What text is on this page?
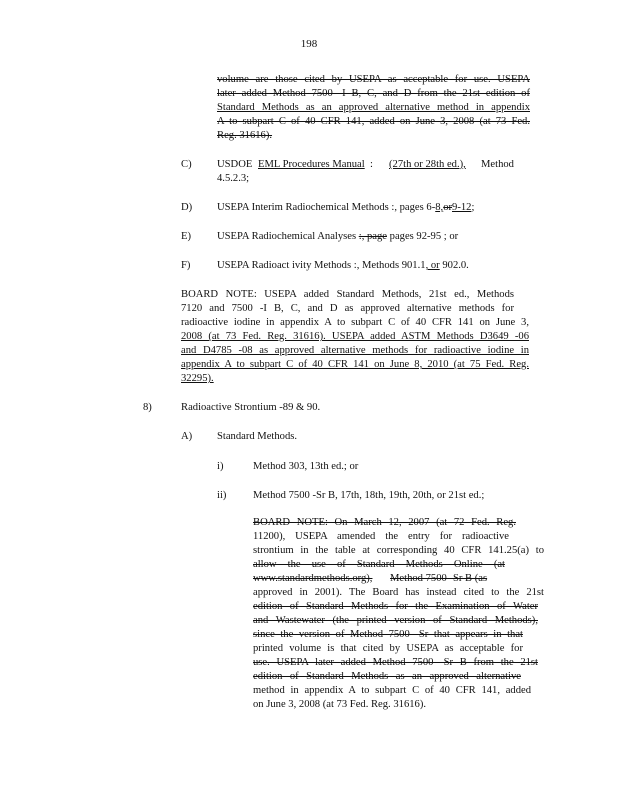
198
volume are those cited by USEPA as acceptable for use. USEPA
later added Method 7500 -I B, C, and D from the 21st edition of
Standard Methods as an approved alternative method in appendix
A to subpart C of 40 CFR 141, added on June 3, 2008 (at 73 Fed.
Reg. 31616).
C) USDOE EML Procedures Manual : (27th or 28th ed.), Method
4.5.2.3;
D) USEPA Interim Radiochemical Methods :, pages 6-8,or9-12;
E) USEPA Radiochemical Analyses :, page pages 92-95 ; or
F)	USEPA Radioact ivity Methods :, Methods 901.1, or 902.0.
BOARD NOTE: USEPA added Standard Methods, 21st ed., Methods
7120 and 7500 -I B, C, and D as approved alternative methods for
radioactive iodine in appendix A to subpart C of 40 CFR 141 on June 3,
2008 (at 73 Fed. Reg. 31616). USEPA added ASTM Methods D3649 -06
and D4785 -08 as approved alternative methods for radioactive iodine in
appendix A to subpart C of 40 CFR 141 on June 8, 2010 (at 75 Fed. Reg.
32295).
8)	Radioactive Strontium -89 & 90.
A) Standard Methods.
i)	Method 303, 13th ed.; or
ii)	Method 7500 -Sr B, 17th, 18th, 19th, 20th, or 21st ed.;
BOARD NOTE: On March 12, 2007 (at 72 Fed. Reg.
11200), USEPA amended the entry for radioactive
strontium in the table at corresponding 40 CFR 141.25(a) to
allow the use of Standard Methods Online (at
www.standardmethods.org), Method 7500 -Sr B (as
approved in 2001). The Board has instead cited to the 21st
edition of Standard Methods for the Examination of Water
and Wastewater (the printed version of Standard Methods),
since the version of Method 7500 -Sr that appears in that
printed volume is that cited by USEPA as acceptable for
use. USEPA later added Method 7500 -Sr B from the 21st
edition of Standard Methods as an approved alternative
method in appendix A to subpart C of 40 CFR 141, added
on June 3, 2008 (at 73 Fed. Reg. 31616).
